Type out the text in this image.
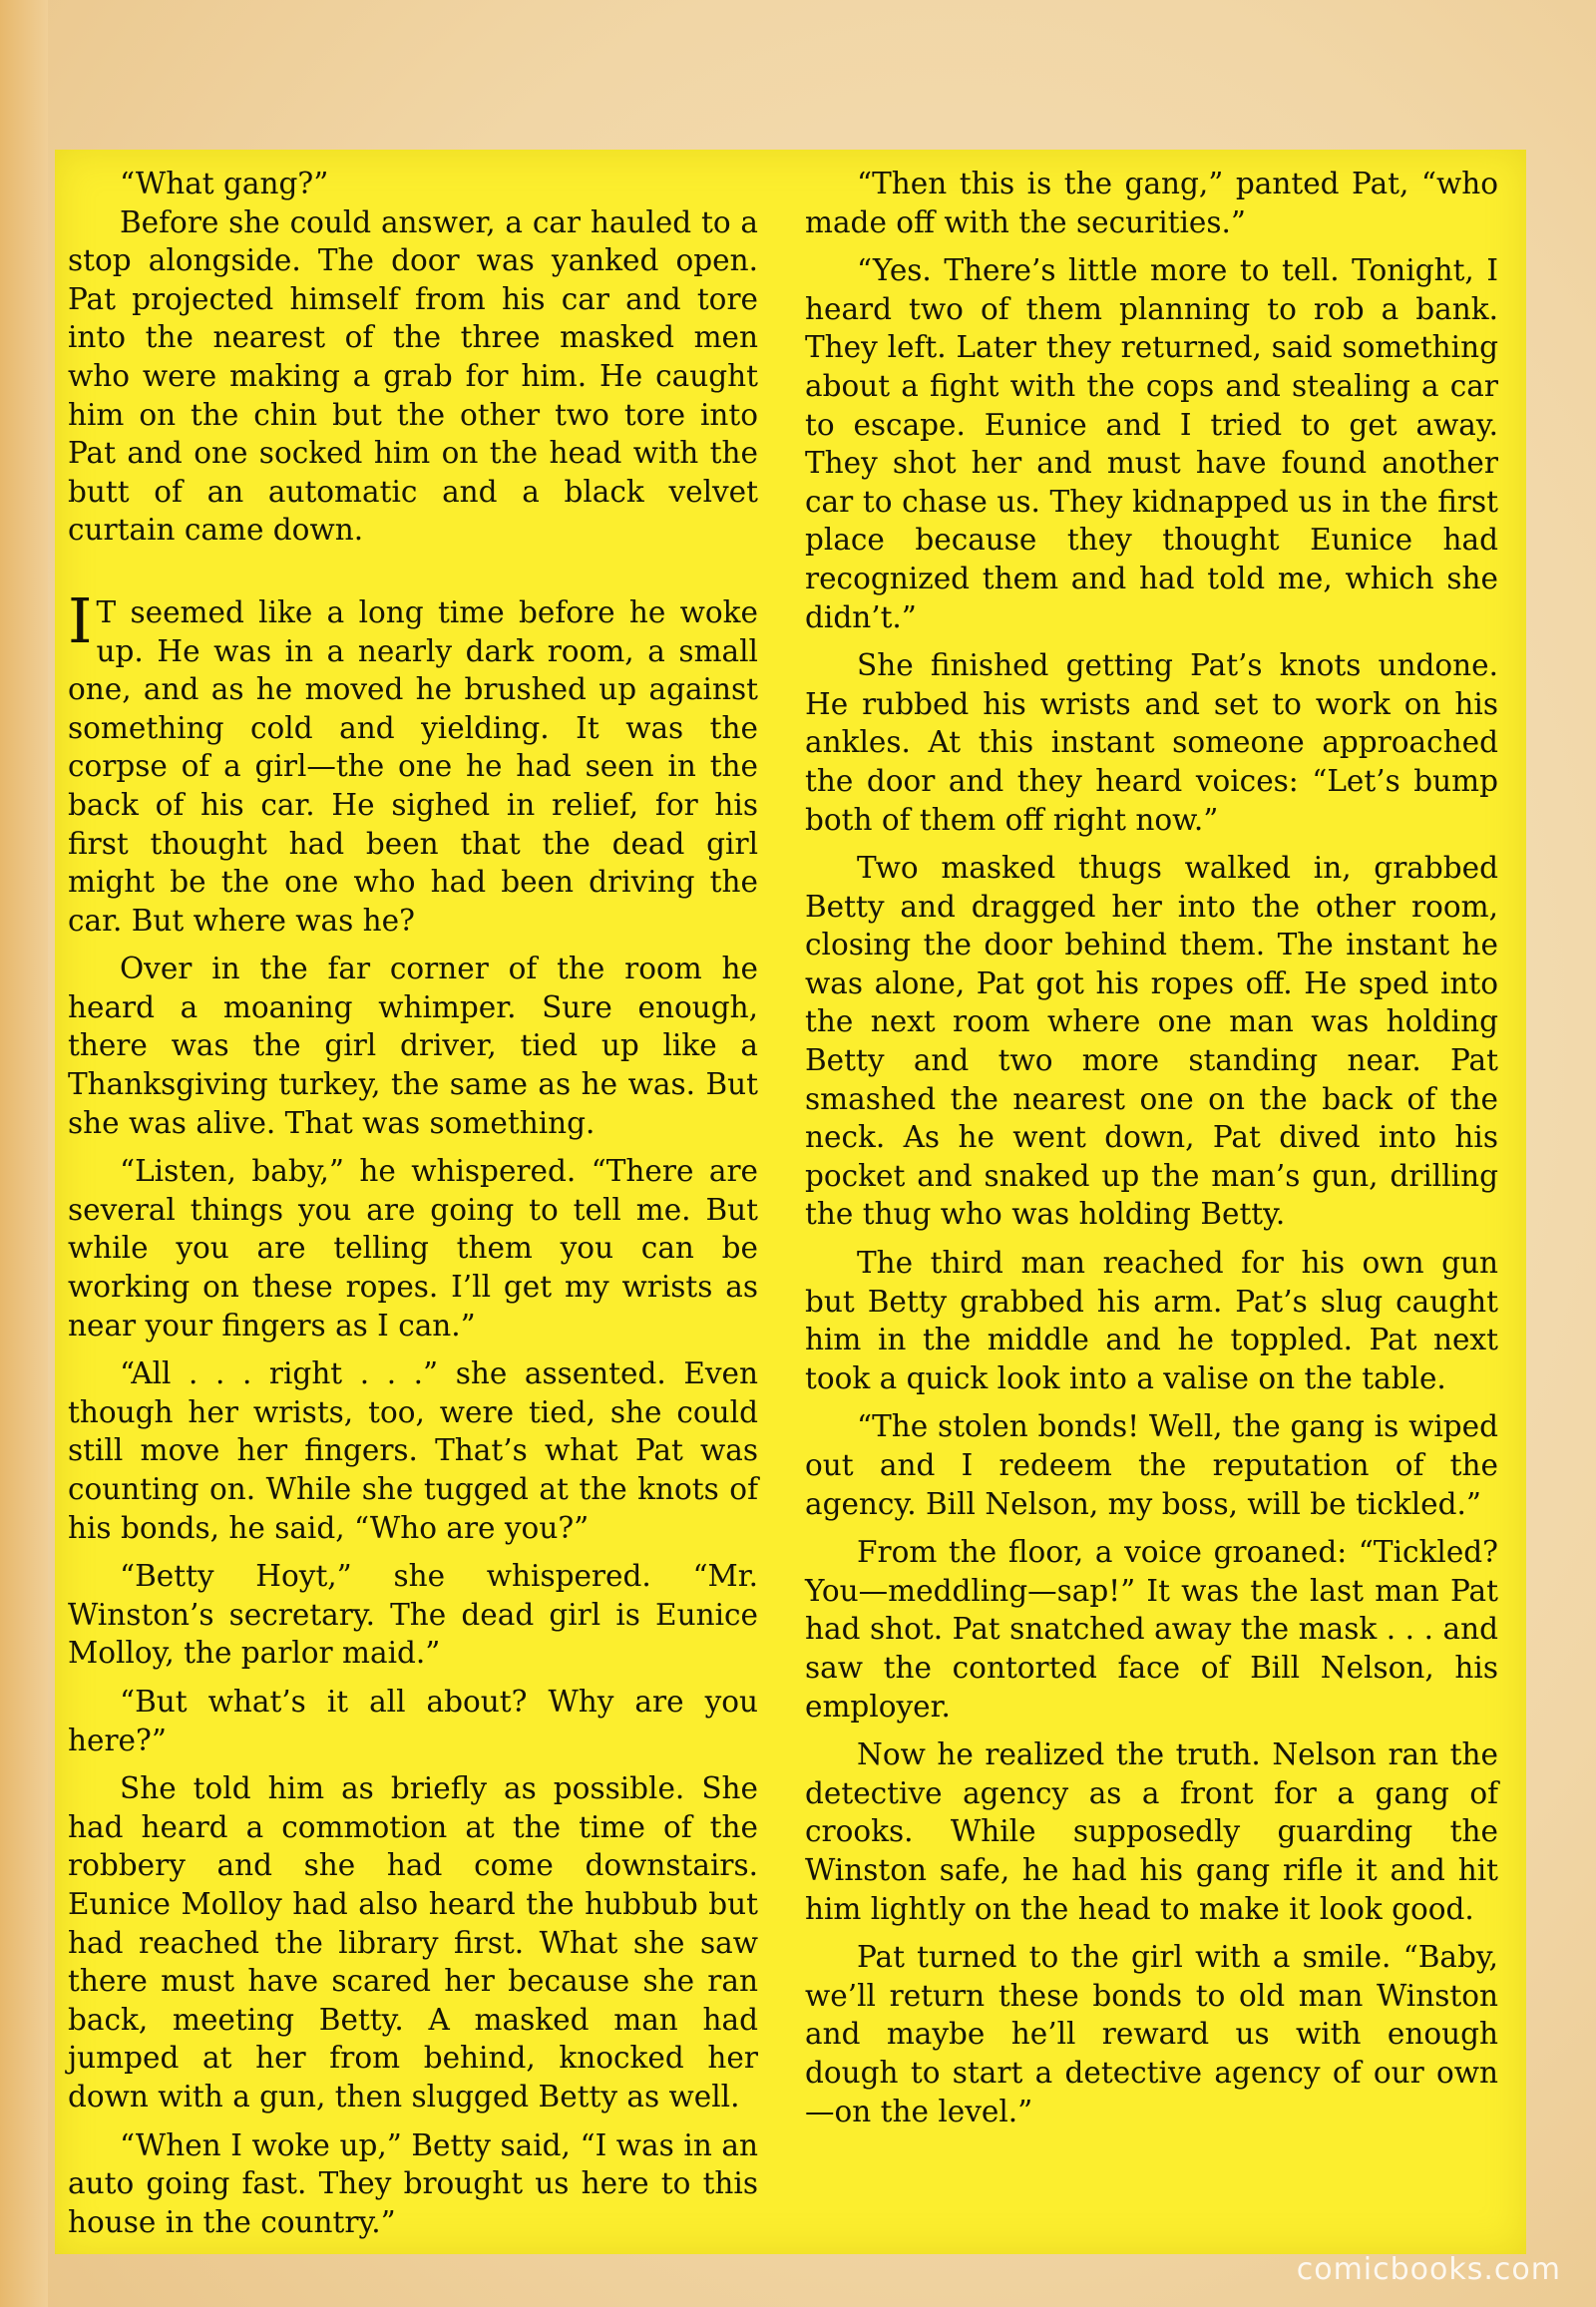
“What gang?”

Before she could answer, a car hauled to a stop alongside. The door was yanked open. Pat projected himself from his car and tore into the nearest of the three masked men who were making a grab for him. He caught him on the chin but the other two tore into Pat and one socked him on the head with the butt of an automatic and a black velvet curtain came down.

I T seemed like a long time before he woke up. He was in a nearly dark room, a small one, and as he moved he brushed up against something cold and yielding. It was the corpse of a girl—the one he had seen in the back of his car. He sighed in relief, for his first thought had been that the dead girl might be the one who had been driving the car. But where was he?

Over in the far corner of the room he heard a moaning whimper. Sure enough, there was the girl driver, tied up like a Thanksgiving turkey, the same as he was. But she was alive. That was something.

“Listen, baby,” he whispered. “There are several things you are going to tell me. But while you are telling them you can be working on these ropes. I’ll get my wrists as near your fingers as I can.”

“All . . . right . . .” she assented. Even though her wrists, too, were tied, she could still move her fingers. That’s what Pat was counting on. While she tugged at the knots of his bonds, he said, “Who are you?”

“Betty Hoyt,” she whispered. “Mr. Winston’s secretary. The dead girl is Eunice Molloy, the parlor maid.”

“But what’s it all about? Why are you here?”

She told him as briefly as possible. She had heard a commotion at the time of the robbery and she had come downstairs. Eunice Molloy had also heard the hubbub but had reached the library first. What she saw there must have scared her because she ran back, meeting Betty. A masked man had jumped at her from behind, knocked her down with a gun, then slugged Betty as well.

“When I woke up,” Betty said, “I was in an auto going fast. They brought us here to this house in the country.”

“Then this is the gang,” panted Pat, “who made off with the securities.”

“Yes. There’s little more to tell. Tonight, I heard two of them planning to rob a bank. They left. Later they returned, said something about a fight with the cops and stealing a car to escape. Eunice and I tried to get away. They shot her and must have found another car to chase us. They kidnapped us in the first place because they thought Eunice had recognized them and had told me, which she didn’t.”

She finished getting Pat’s knots undone. He rubbed his wrists and set to work on his ankles. At this instant someone approached the door and they heard voices: “Let’s bump both of them off right now.”

Two masked thugs walked in, grabbed Betty and dragged her into the other room, closing the door behind them. The instant he was alone, Pat got his ropes off. He sped into the next room where one man was holding Betty and two more standing near. Pat smashed the nearest one on the back of the neck. As he went down, Pat dived into his pocket and snaked up the man’s gun, drilling the thug who was holding Betty.

The third man reached for his own gun but Betty grabbed his arm. Pat’s slug caught him in the middle and he toppled. Pat next took a quick look into a valise on the table.

“The stolen bonds! Well, the gang is wiped out and I redeem the reputation of the agency. Bill Nelson, my boss, will be tickled.”

From the floor, a voice groaned: “Tickled? You—meddling—sap!” It was the last man Pat had shot. Pat snatched away the mask . . . and saw the contorted face of Bill Nelson, his employer.

Now he realized the truth. Nelson ran the detective agency as a front for a gang of crooks. While supposedly guarding the Winston safe, he had his gang rifle it and hit him lightly on the head to make it look good.

Pat turned to the girl with a smile. “Baby, we’ll return these bonds to old man Winston and maybe he’ll reward us with enough dough to start a detective agency of our own—on the level.”

comicbooks.com
